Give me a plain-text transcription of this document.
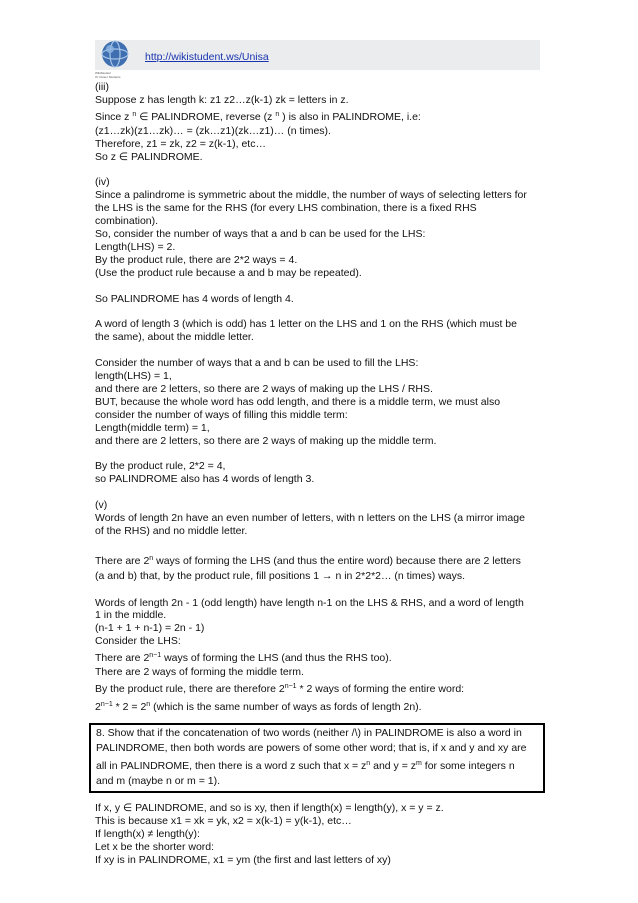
WikiStudent
Or Closer Students
http://wikistudent.ws/Unisa

(iii)

Suppose z has length k: z1 z2…z(k-1) zk = letters in z.

Since z $^n$ ∈ PALINDROME, reverse (z $^n$ ) is also in PALINDROME, i.e:

(z1…zk)(z1…zk)… = (zk…z1)(zk…z1)… (n times).

Therefore, z1 = zk, z2 = z(k-1), etc…

So z ∈ PALINDROME.

(iv)

Since a palindrome is symmetric about the middle, the number of ways of selecting letters for

the LHS is the same for the RHS (for every LHS combination, there is a fixed RHS

combination).

So, consider the number of ways that a and b can be used for the LHS:

Length(LHS) = 2.

By the product rule, there are 2*2 ways = 4.

(Use the product rule because a and b may be repeated).

So PALINDROME has 4 words of length 4.

A word of length 3 (which is odd) has 1 letter on the LHS and 1 on the RHS (which must be

the same), about the middle letter.

Consider the number of ways that a and b can be used to fill the LHS:

length(LHS) = 1,

and there are 2 letters, so there are 2 ways of making up the LHS / RHS.

BUT, because the whole word has odd length, and there is a middle term, we must also

consider the number of ways of filling this middle term:

Length(middle term) = 1,

and there are 2 letters, so there are 2 ways of making up the middle term.

By the product rule, 2*2 = 4,

so PALINDROME also has 4 words of length 3.

(v)

Words of length 2n have an even number of letters, with n letters on the LHS (a mirror image

of the RHS) and no middle letter.

There are 2$^n$ ways of forming the LHS (and thus the entire word) because there are 2 letters

(a and b) that, by the product rule, fill positions 1 → n in 2*2*2… (n times) ways.

Words of length 2n - 1 (odd length) have length n-1 on the LHS & RHS, and a word of length

1 in the middle.

(n-1 + 1 + n-1) = 2n - 1)

Consider the LHS:

There are $2^{n-1}$ ways of forming the LHS (and thus the RHS too).

There are 2 ways of forming the middle term.

By the product rule, there are therefore $2^{n-1} * 2$ ways of forming the entire word:

$2^{n-1} * 2 = 2^n$ (which is the same number of ways as fords of length 2n).

8. Show that if the concatenation of two words (neither /\) in PALINDROME is also a word in

PALINDROME, then both words are powers of some other word; that is, if x and y and xy are

all in PALINDROME, then there is a word z such that $x = z^n$ and $y = z^m$ for some integers n

and m (maybe n or m = 1).

If x, y ∈ PALINDROME, and so is xy, then if length(x) = length(y), x = y = z.

This is because x1 = xk = yk, x2 = x(k-1) = y(k-1), etc…

If length(x) ≠ length(y):

Let x be the shorter word:

If xy is in PALINDROME, x1 = ym (the first and last letters of xy)
